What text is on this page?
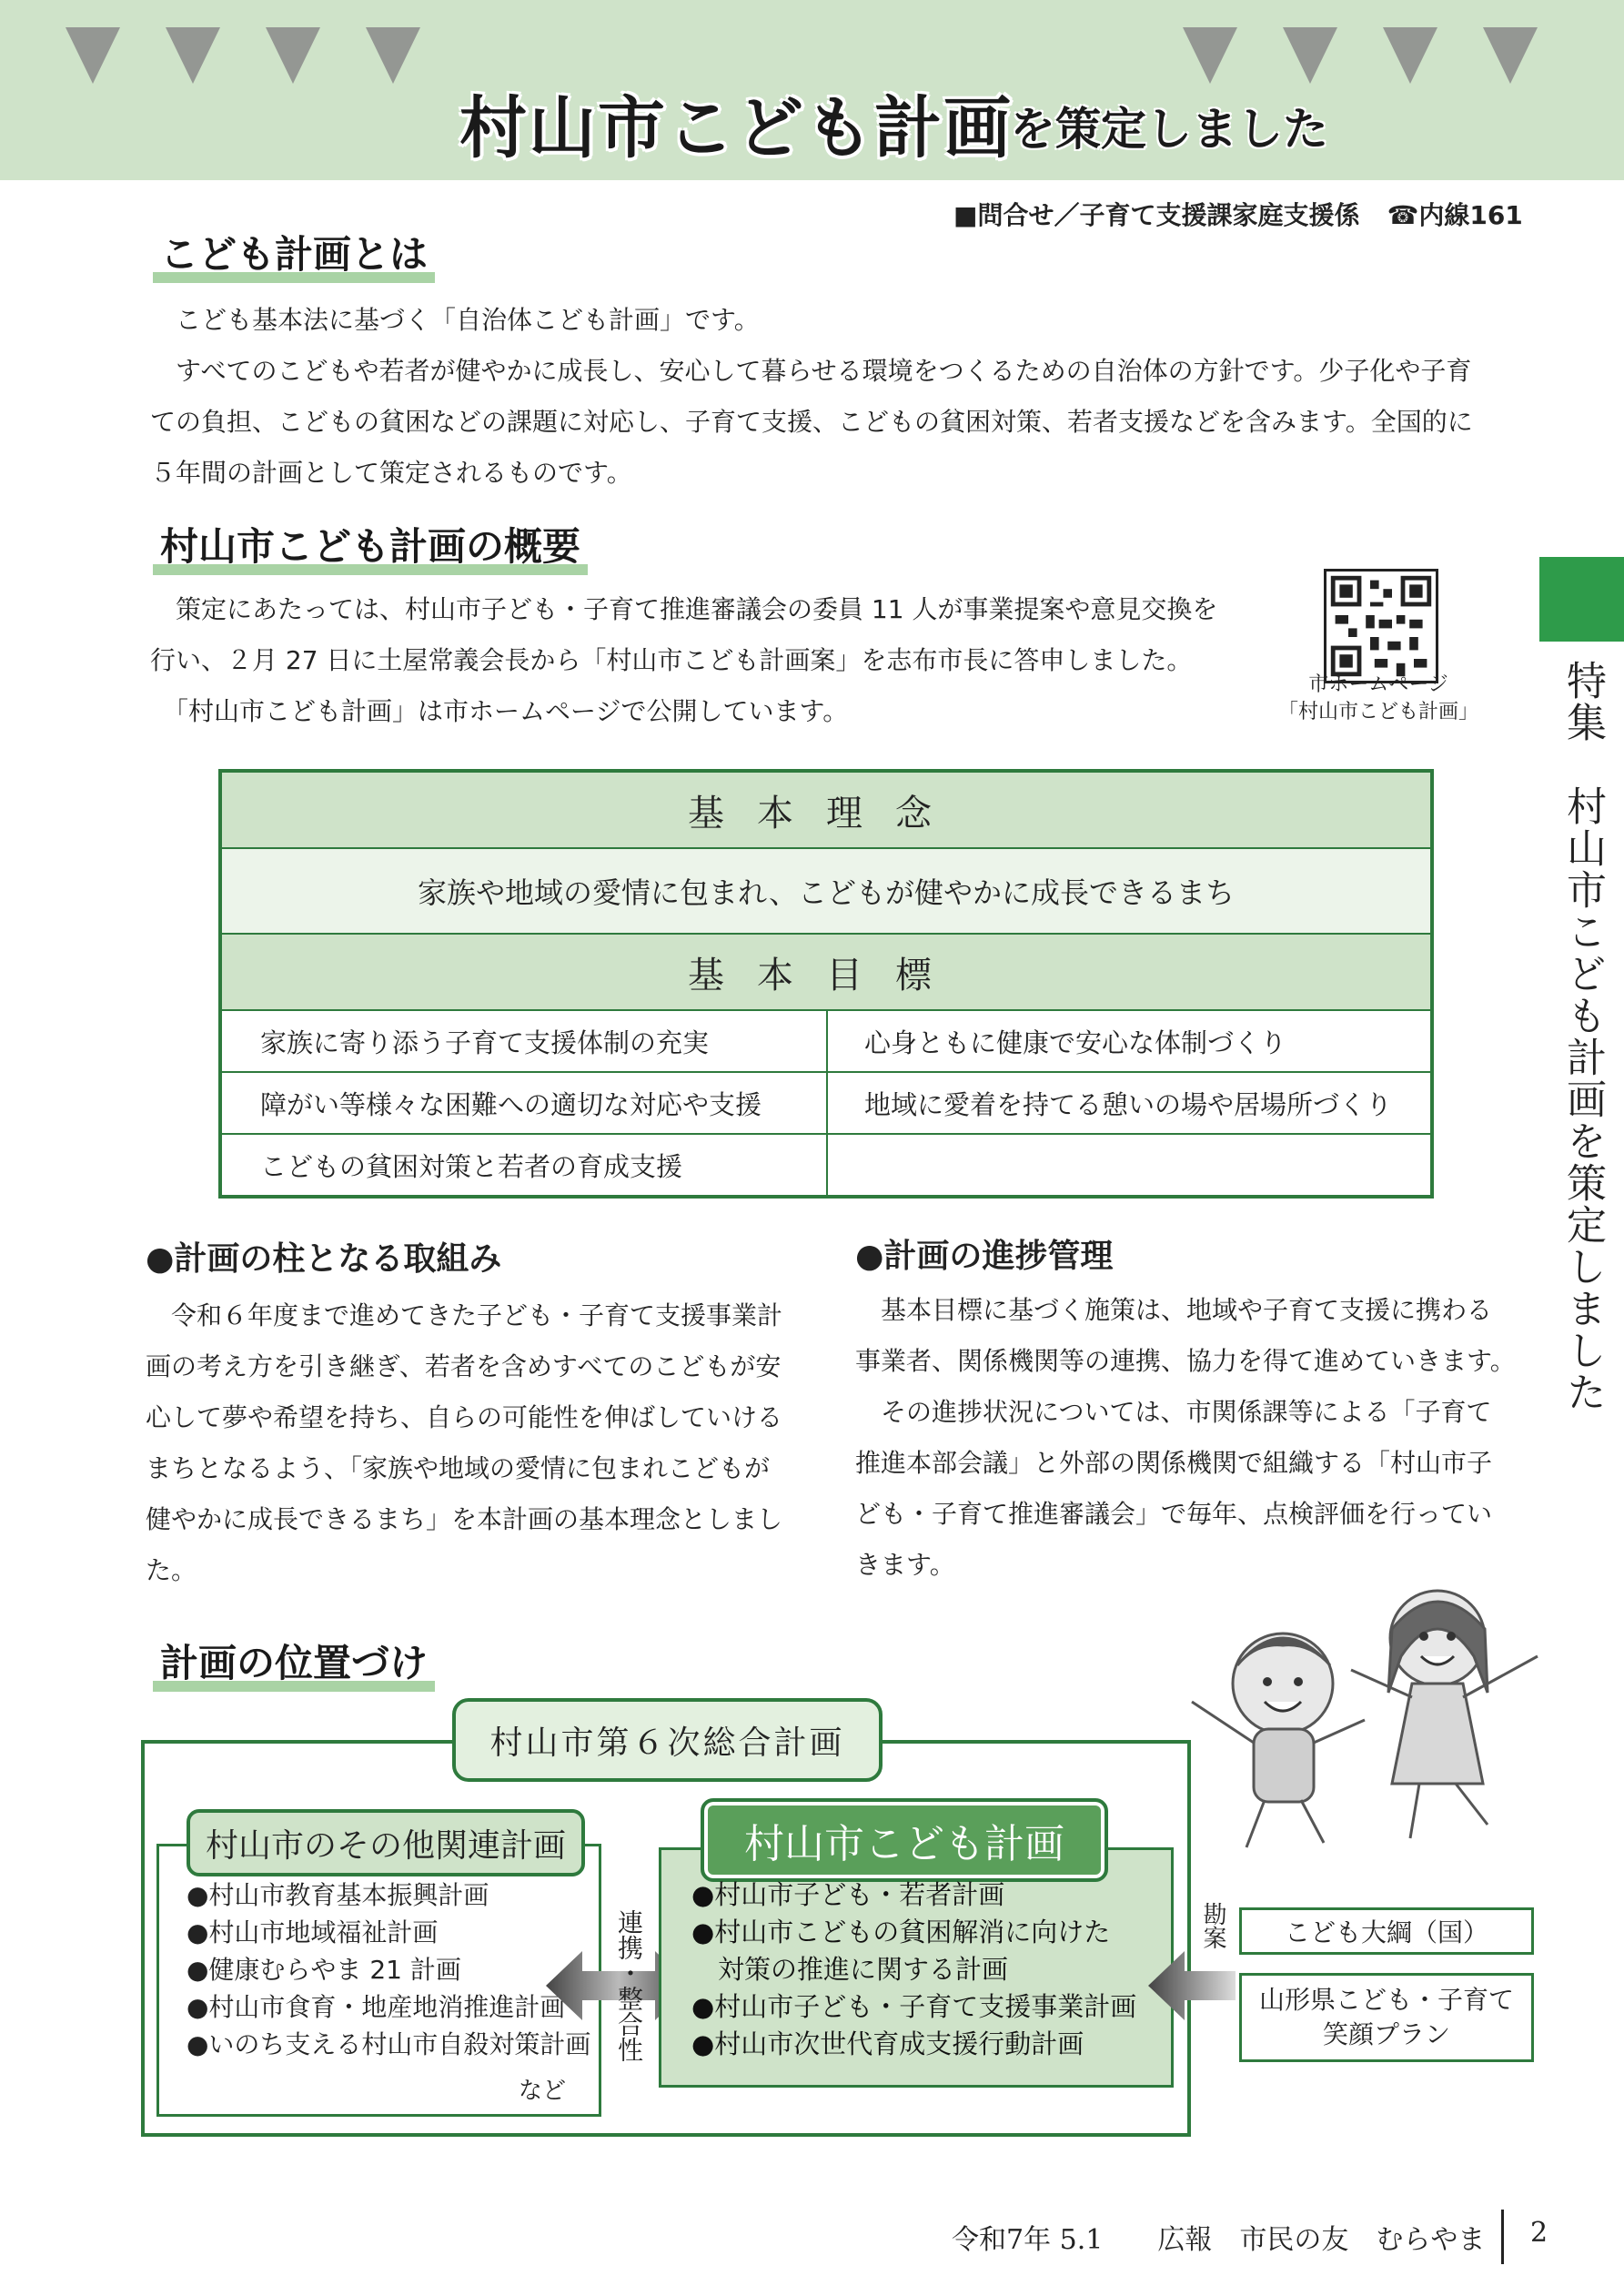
村山市こども計画
を策定しました
■問合せ／子育て支援課家庭支援係 ☎内線161
こども計画とは
　こども基本法に基づく「自治体こども計画」です。
　すべてのこどもや若者が健やかに成長し、安心して暮らせる環境をつくるための自治体の方針です。少子化や子育
ての負担、こどもの貧困などの課題に対応し、子育て支援、こどもの貧困対策、若者支援などを含みます。全国的に
５年間の計画として策定されるものです。
村山市こども計画の概要
　策定にあたっては、村山市子ども・子育て推進審議会の委員 11 人が事業提案や意見交換を
行い、２月 27 日に土屋常義会長から「村山市こども計画案」を志布市長に答申しました。
　「村山市こども計画」は市ホームページで公開しています。
市ホームページ
「村山市こども計画」	特集　村山市こども計画を策定しました
基本理念
家族や地域の愛情に包まれ、こどもが健やかに成長できるまち
基本目標
家族に寄り添う子育て支援体制の充実	心身ともに健康で安心な体制づくり
障がい等様々な困難への適切な対応や支援	地域に愛着を持てる憩いの場や居場所づくり
こどもの貧困対策と若者の育成支援
●計画の柱となる取組み
　令和６年度まで進めてきた子ども・子育て支援事業計
画の考え方を引き継ぎ、若者を含めすべてのこどもが安
心して夢や希望を持ち、自らの可能性を伸ばしていける
まちとなるよう、「家族や地域の愛情に包まれこどもが
健やかに成長できるまち」を本計画の基本理念としまし
た。
●計画の進捗管理
　基本目標に基づく施策は、地域や子育て支援に携わる
事業者、関係機関等の連携、協力を得て進めていきます。
　その進捗状況については、市関係課等による「子育て
推進本部会議」と外部の関係機関で組織する「村山市子
ども・子育て推進審議会」で毎年、点検評価を行ってい
きます。
計画の位置づけ
村山市第６次総合計画
村山市のその他関連計画
●村山市教育基本振興計画
●村山市地域福祉計画
●健康むらやま 21 計画
●村山市食育・地産地消推進計画
●いのち支える村山市自殺対策計画
など
連携・整合性
村山市こども計画
●村山市子ども・若者計画
●村山市こどもの貧困解消に向けた
　対策の推進に関する計画
●村山市子ども・子育て支援事業計画
●村山市次世代育成支援行動計画
勘案	こども大綱（国）
山形県こども・子育て
笑顔プラン
令和7年 5.1　　広報　市民の友　むらやま 2
